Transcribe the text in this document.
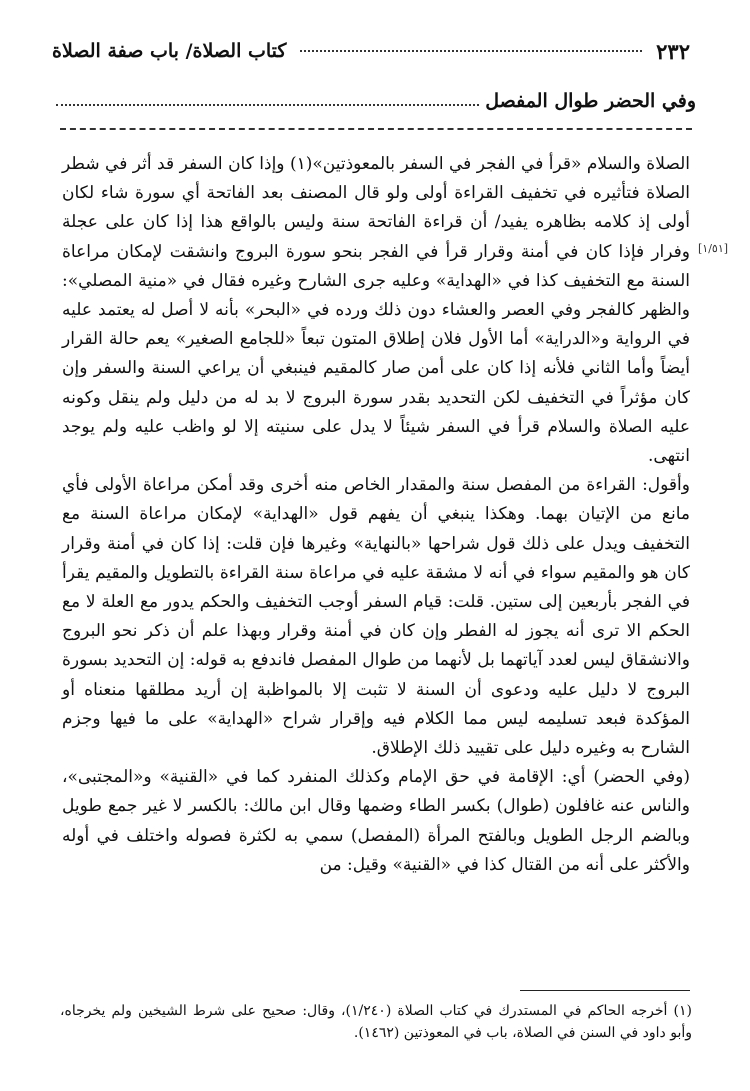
٢٣٢
كتاب الصلاة/ باب صفة الصلاة
وفي الحضر طوال المفصل
[١/٥١]

الصلاة والسلام «قرأ في الفجر في السفر بالمعوذتين»(١) وإذا كان السفر قد أثر في شطر الصلاة فتأثيره في تخفيف القراءة أولى ولو قال المصنف بعد الفاتحة أي سورة شاء لكان أولى إذ كلامه بظاهره يفيد/ أن قراءة الفاتحة سنة وليس بالواقع هذا إذا كان على عجلة وفرار فإذا كان في أمنة وقرار قرأ في الفجر بنحو سورة البروج وانشقت لإمكان مراعاة السنة مع التخفيف كذا في «الهداية» وعليه جرى الشارح وغيره فقال في «منية المصلي»: والظهر كالفجر وفي العصر والعشاء دون ذلك ورده في «البحر» بأنه لا أصل له يعتمد عليه في الرواية و«الدراية» أما الأول فلان إطلاق المتون تبعاً «للجامع الصغير» يعم حالة القرار أيضاً وأما الثاني فلأنه إذا كان على أمن صار كالمقيم فينبغي أن يراعي السنة والسفر وإن كان مؤثراً في التخفيف لكن التحديد بقدر سورة البروج لا بد له من دليل ولم ينقل وكونه عليه الصلاة والسلام قرأ في السفر شيئاً لا يدل على سنيته إلا لو واظب عليه ولم يوجد انتهى.

وأقول: القراءة من المفصل سنة والمقدار الخاص منه أخرى وقد أمكن مراعاة الأولى فأي مانع من الإتيان بهما. وهكذا ينبغي أن يفهم قول «الهداية» لإمكان مراعاة السنة مع التخفيف ويدل على ذلك قول شراحها «بالنهاية» وغيرها فإن قلت: إذا كان في أمنة وقرار كان هو والمقيم سواء في أنه لا مشقة عليه في مراعاة سنة القراءة بالتطويل والمقيم يقرأ في الفجر بأربعين إلى ستين. قلت: قيام السفر أوجب التخفيف والحكم يدور مع العلة لا مع الحكم الا ترى أنه يجوز له الفطر وإن كان في أمنة وقرار وبهذا علم أن ذكر نحو البروج والانشقاق ليس لعدد آياتهما بل لأنهما من طوال المفصل فاندفع به قوله: إن التحديد بسورة البروج لا دليل عليه ودعوى أن السنة لا تثبت إلا بالمواظبة إن أريد مطلقها منعناه أو المؤكدة فبعد تسليمه ليس مما الكلام فيه وإقرار شراح «الهداية» على ما فيها وجزم الشارح به وغيره دليل على تقييد ذلك الإطلاق.

(وفي الحضر) أي: الإقامة في حق الإمام وكذلك المنفرد كما في «القنية» و«المجتبى»، والناس عنه غافلون (طوال) بكسر الطاء وضمها وقال ابن مالك: بالكسر لا غير جمع طويل وبالضم الرجل الطويل وبالفتح المرأة (المفصل) سمي به لكثرة فصوله واختلف في أوله والأكثر على أنه من القتال كذا في «القنية» وقيل: من

(١) أخرجه الحاكم في المستدرك في كتاب الصلاة (١/٢٤٠)، وقال: صحيح على شرط الشيخين ولم يخرجاه، وأبو داود في السنن في الصلاة، باب في المعوذتين (١٤٦٢).
